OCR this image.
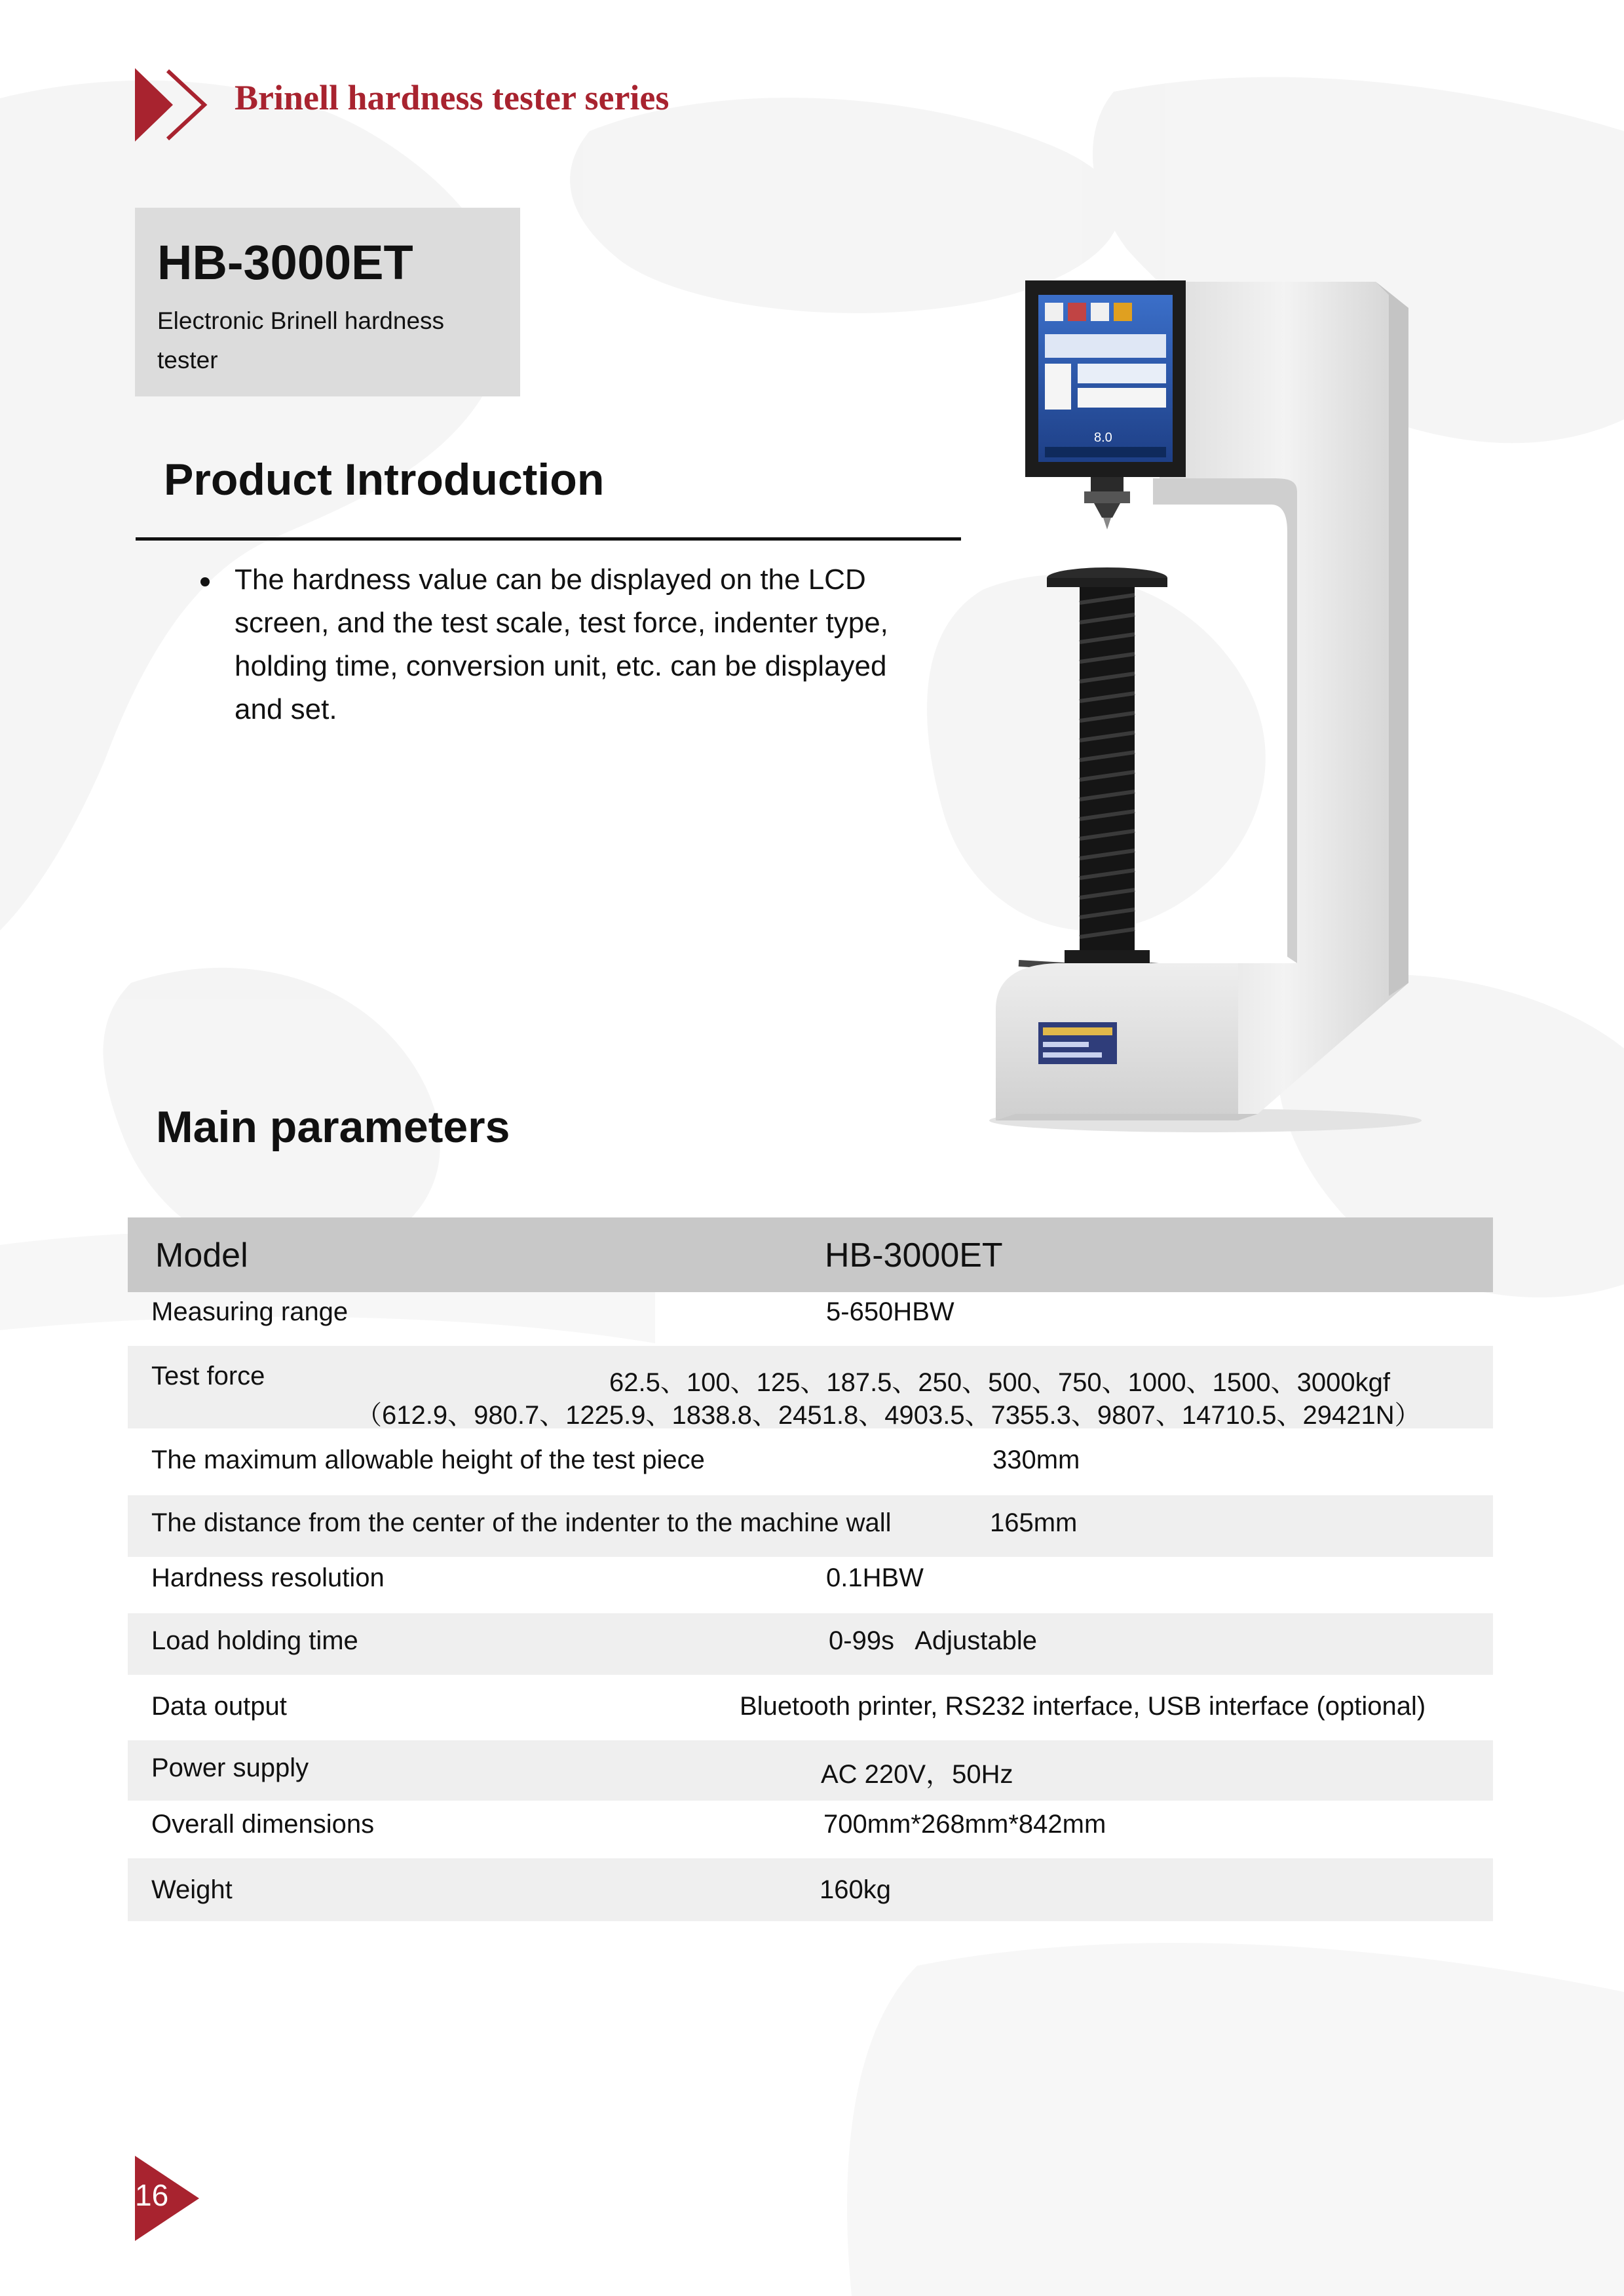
Brinell hardness tester series
HB-3000ET
Electronic Brinell hardness tester
Product Introduction
The hardness value can be displayed on the LCD screen, and the test scale, test force, indenter type, holding time, conversion unit, etc. can be displayed and set.
8.0
Main parameters
Model	HB-3000ET
Measuring range	5-650HBW
Test force	62.5、100、125、187.5、250、500、750、1000、1500、3000kgf
（612.9、980.7、1225.9、1838.8、2451.8、4903.5、7355.3、9807、14710.5、29421N）
The maximum allowable height of the test piece	330mm
The distance from the center of the indenter to the machine wall	165mm
Hardness resolution	0.1HBW
Load holding time	0-99s   Adjustable
Data output	Bluetooth printer, RS232 interface, USB interface (optional)
Power supply	AC 220V，50Hz
Overall dimensions	700mm*268mm*842mm
Weight	160kg
16
